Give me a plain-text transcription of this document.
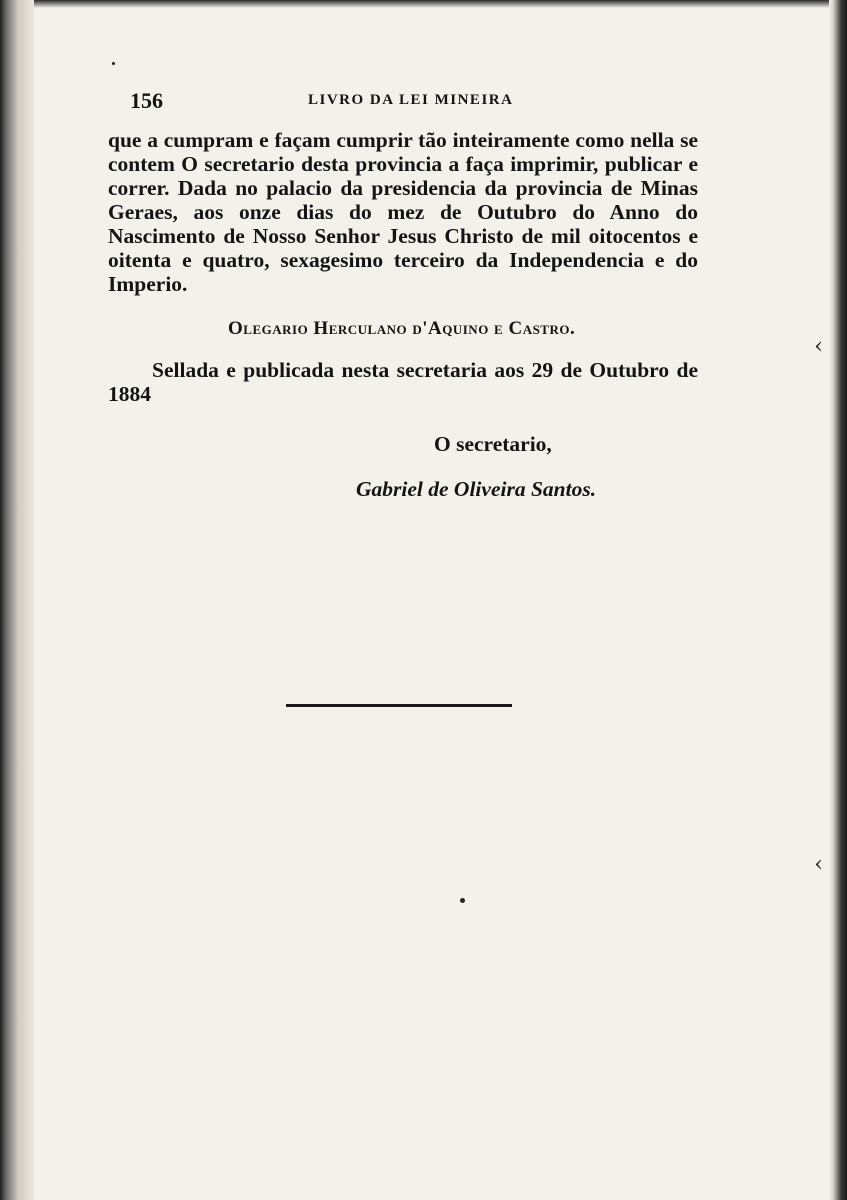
156	LIVRO DA LEI MINEIRA

que a cumpram e façam cumprir tão inteiramente como nella se contem O secretario desta provincia a faça imprimir, publicar e correr. Dada no palacio da presidencia da provincia de Minas Geraes, aos onze dias do mez de Outubro do Anno do Nascimento de Nosso Senhor Jesus Christo de mil oitocentos e oitenta e quatro, sexagesimo terceiro da Independencia e do Imperio.

Olegario Herculano d'Aquino e Castro.

Sellada e publicada nesta secretaria aos 29 de Outubro de 1884

O secretario,
Gabriel de Oliveira Santos.
‹
‹
